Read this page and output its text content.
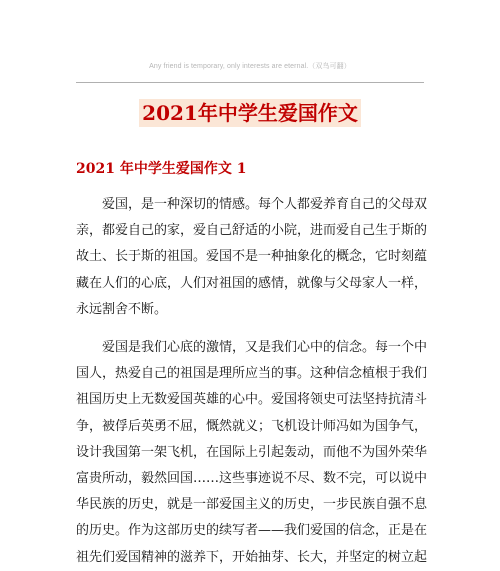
Any friend is temporary, only interests are eternal.（双鸟可翻）
2021年中学生爱国作文
2021 年中学生爱国作文 1

　　爱国，是一种深切的情感。每个人都爱养育自己的父母双
亲，都爱自己的家，爱自己舒适的小院，进而爱自己生于斯的
故土、长于斯的祖国。爱国不是一种抽象化的概念，它时刻蕴
藏在人们的心底，人们对祖国的感情，就像与父母家人一样，
永远割舍不断。

　　爱国是我们心底的激情，又是我们心中的信念。每一个中
国人，热爱自己的祖国是理所应当的事。这种信念植根于我们
祖国历史上无数爱国英雄的心中。爱国将领史可法坚持抗清斗
争，被俘后英勇不屈，慨然就义；飞机设计师冯如为国争气，
设计我国第一架飞机，在国际上引起轰动，而他不为国外荣华
富贵所动，毅然回国……这些事迹说不尽、数不完，可以说中
华民族的历史，就是一部爱国主义的历史，一步民族自强不息
的历史。作为这部历史的续写者——我们爱国的信念，正是在
祖先们爱国精神的滋养下，开始抽芽、长大，并坚定的树立起
